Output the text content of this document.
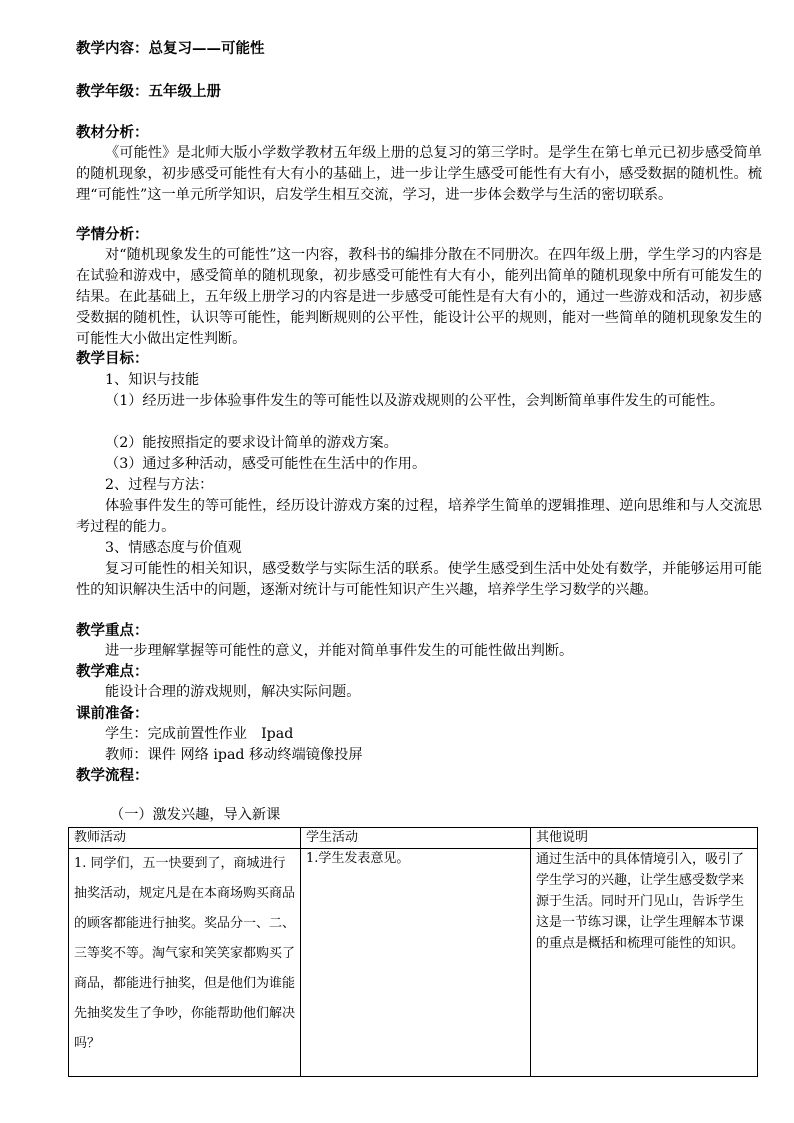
教学内容：总复习——可能性
教学年级：五年级上册
教材分析：
《可能性》是北师大版小学数学教材五年级上册的总复习的第三学时。是学生在第七单元已初步感受简单的随机现象，初步感受可能性有大有小的基础上，进一步让学生感受可能性有大有小，感受数据的随机性。梳理“可能性”这一单元所学知识，启发学生相互交流，学习，进一步体会数学与生活的密切联系。
学情分析：
对“随机现象发生的可能性”这一内容，教科书的编排分散在不同册次。在四年级上册，学生学习的内容是在试验和游戏中，感受简单的随机现象，初步感受可能性有大有小，能列出简单的随机现象中所有可能发生的结果。在此基础上，五年级上册学习的内容是进一步感受可能性是有大有小的，通过一些游戏和活动，初步感受数据的随机性，认识等可能性，能判断规则的公平性，能设计公平的规则，能对一些简单的随机现象发生的可能性大小做出定性判断。
教学目标：
1、知识与技能
（1）经历进一步体验事件发生的等可能性以及游戏规则的公平性，会判断简单事件发生的可能性。
（2）能按照指定的要求设计简单的游戏方案。
（3）通过多种活动，感受可能性在生活中的作用。
2、过程与方法：
体验事件发生的等可能性，经历设计游戏方案的过程，培养学生简单的逻辑推理、逆向思维和与人交流思考过程的能力。
3、情感态度与价值观
复习可能性的相关知识，感受数学与实际生活的联系。使学生感受到生活中处处有数学，并能够运用可能性的知识解决生活中的问题，逐渐对统计与可能性知识产生兴趣，培养学生学习数学的兴趣。
教学重点：
进一步理解掌握等可能性的意义，并能对简单事件发生的可能性做出判断。
教学难点：
能设计合理的游戏规则，解决实际问题。
课前准备：
学生：完成前置性作业　Ipad
教师：课件 网络 ipad 移动终端镜像投屏
教学流程：
（一）激发兴趣，导入新课
教师活动	学生活动	其他说明
1. 同学们，五一快要到了，商城进行抽奖活动，规定凡是在本商场购买商品的顾客都能进行抽奖。奖品分一、二、三等奖不等。淘气家和笑笑家都购买了商品，都能进行抽奖，但是他们为谁能先抽奖发生了争吵，你能帮助他们解决吗？	1.学生发表意见。	通过生活中的具体情境引入，吸引了学生学习的兴趣，让学生感受数学来源于生活。同时开门见山，告诉学生这是一节练习课，让学生理解本节课的重点是概括和梳理可能性的知识。
